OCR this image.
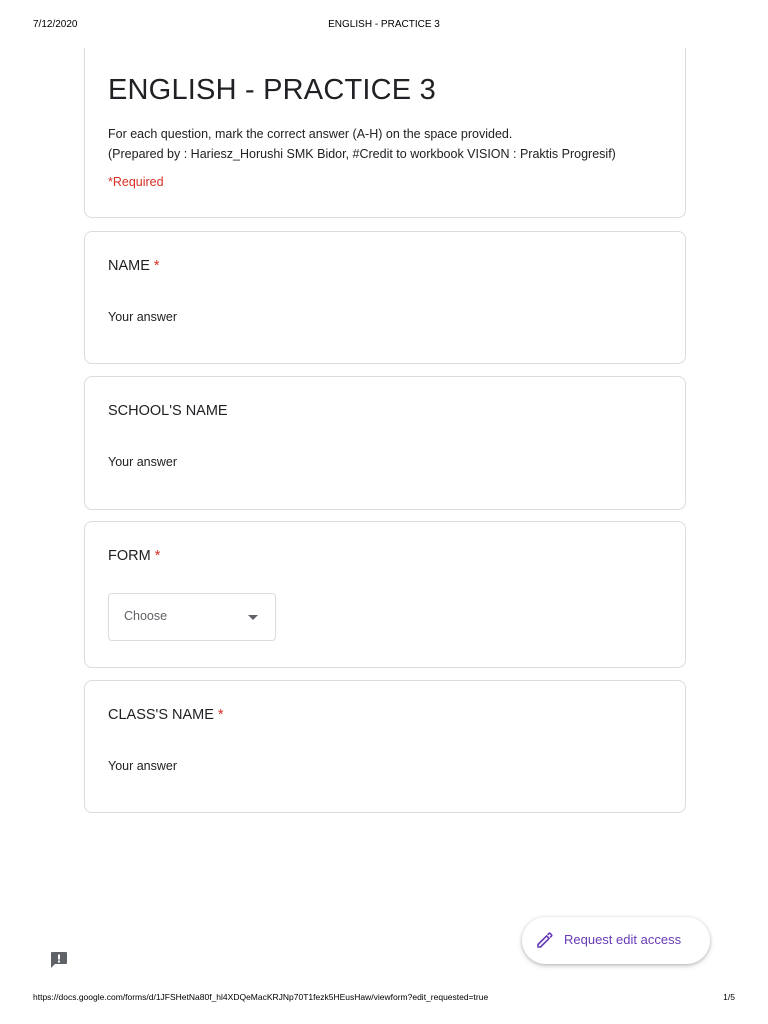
7/12/2020	ENGLISH - PRACTICE 3
ENGLISH - PRACTICE 3
For each question, mark the correct answer (A-H) on the space provided.
(Prepared by : Hariesz_Horushi SMK Bidor, #Credit to workbook VISION : Praktis Progresif)
*Required
NAME *
Your answer
SCHOOL'S NAME
Your answer
FORM *
Choose
CLASS'S NAME *
Your answer
Request edit access
https://docs.google.com/forms/d/1JFSHetNa80f_hl4XDQeMacKRJNp70T1fezk5HEusHaw/viewform?edit_requested=true	1/5
